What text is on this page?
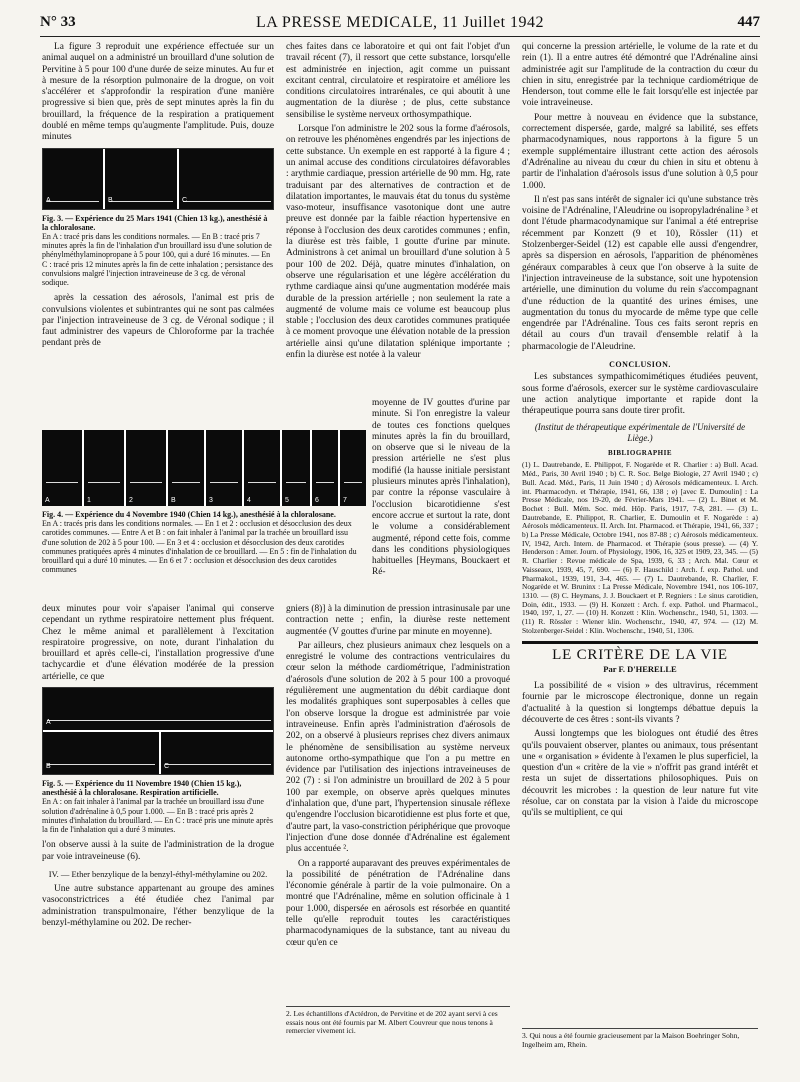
N° 33	LA PRESSE MEDICALE, 11 Juillet 1942	447

La figure 3 reproduit une expérience effectuée sur un animal auquel on a administré un brouillard d'une solution de Pervitine à 5 pour 100 d'une durée de seize minutes. Au fur et à mesure de la résorption pulmonaire de la drogue, on voit s'accélérer et s'approfondir la respiration d'une manière progressive si bien que, près de sept minutes après la fin du brouillard, la fréquence de la respiration a pratiquement doublé en même temps qu'augmente l'amplitude. Puis, douze minutes

A	B	C
Fig. 3. — Expérience du 25 Mars 1941 (Chien 13 kg.), anesthésié à la chloralosane.
En A : tracé pris dans les conditions normales. — En B : tracé pris 7 minutes après la fin de l'inhalation d'un brouillard issu d'une solution de phénylméthylaminopropane à 5 pour 100, qui a duré 16 minutes. — En C : tracé pris 12 minutes après la fin de cette inhalation ; persistance des convulsions malgré l'injection intraveineuse de 3 cg. de véronal sodique.

après la cessation des aérosols, l'animal est pris de convulsions violentes et subintrantes qui ne sont pas calmées par l'injection intraveineuse de 3 cg. de Véronal sodique ; il faut administrer des vapeurs de Chloroforme par la trachée pendant près de

A	1	2	B	3	4	5	6	7
Fig. 4. — Expérience du 4 Novembre 1940 (Chien 14 kg.), anesthésié à la chloralosane.
En A : tracés pris dans les conditions normales. — En 1 et 2 : occlusion et désocclusion des deux carotides communes. — Entre A et B : on fait inhaler à l'animal par la trachée un brouillard issu d'une solution de 202 à 5 pour 100. — En 3 et 4 : occlusion et désocclusion des deux carotides communes pratiquées après 4 minutes d'inhalation de ce brouillard. — En 5 : fin de l'inhalation du brouillard qui a duré 10 minutes. — En 6 et 7 : occlusion et désocclusion des deux carotides communes

deux minutes pour voir s'apaiser l'animal qui conserve cependant un rythme respiratoire nettement plus fréquent. Chez le même animal et parallèlement à l'excitation respiratoire progressive, on note, durant l'inhalation du brouillard et après celle-ci, l'installation progressive d'une tachycardie et d'une élévation modérée de la pression artérielle, ce que

A
B	C
Fig. 5. — Expérience du 11 Novembre 1940 (Chien 15 kg.), anesthésié à la chloralosane. Respiration artificielle.
En A : on fait inhaler à l'animal par la trachée un brouillard issu d'une solution d'adrénaline à 0,5 pour 1.000. — En B : tracé pris après 2 minutes d'inhalation du brouillard. — En C : tracé pris une minute après la fin de l'inhalation qui a duré 3 minutes.

l'on observe aussi à la suite de l'administration de la drogue par voie intraveineuse (6).

IV. — Ether benzylique de la benzyl-éthyl-méthylamine ou 202.

Une autre substance appartenant au groupe des amines vasoconstrictrices a été étudiée chez l'animal par administration transpulmonaire, l'éther benzylique de la benzyl-méthylamine ou 202. De recher-

ches faites dans ce laboratoire et qui ont fait l'objet d'un travail récent (7), il ressort que cette substance, lorsqu'elle est administrée en injection, agit comme un puissant excitant central, circulatoire et respiratoire et améliore les conditions circulatoires intrarénales, ce qui aboutit à une augmentation de la diurèse ; de plus, cette substance sensibilise le système nerveux orthosympathique.

Lorsque l'on administre le 202 sous la forme d'aérosols, on retrouve les phénomènes engendrés par les injections de cette substance. Un exemple en est rapporté à la figure 4 ; un animal accuse des conditions circulatoires défavorables : arythmie cardiaque, pression artérielle de 90 mm. Hg, rate traduisant par des alternatives de contraction et de dilatation importantes, le mauvais état du tonus du système vaso-moteur, insuffisance vasotonique dont une autre preuve est donnée par la faible réaction hypertensive en réponse à l'occlusion des deux carotides communes ; enfin, la diurèse est très faible, 1 goutte d'urine par minute. Administrons à cet animal un brouillard d'une solution à 5 pour 100 de 202. Déjà, quatre minutes d'inhalation, on observe une régularisation et une légère accélération du rythme cardiaque ainsi qu'une augmentation modérée mais durable de la pression artérielle ; non seulement la rate a augmenté de volume mais ce volume est beaucoup plus stable ; l'occlusion des deux carotides communes pratiquée à ce moment provoque une élévation notable de la pression artérielle ainsi qu'une dilatation splénique importante ; enfin la diurèse est notée à la valeur

moyenne de IV gouttes d'urine par minute. Si l'on enregistre la valeur de toutes ces fonctions quelques minutes après la fin du brouillard, on observe que si le niveau de la pression artérielle ne s'est plus modifié (la hausse initiale persistant plusieurs minutes après l'inhalation), par contre la réponse vasculaire à l'occlusion bicarotidienne s'est encore accrue et surtout la rate, dont le volume a considérablement augmenté, répond cette fois, comme dans les conditions physiologiques habituelles [Heymans, Bouckaert et Ré-

gniers (8)] à la diminution de pression intrasinusale par une contraction nette ; enfin, la diurèse reste nettement augmentée (V gouttes d'urine par minute en moyenne).

Par ailleurs, chez plusieurs animaux chez lesquels on a enregistré le volume des contractions ventriculaires du cœur selon la méthode cardiométrique, l'administration d'aérosols d'une solution de 202 à 5 pour 100 a provoqué régulièrement une augmentation du débit cardiaque dont les modalités graphiques sont superposables à celles que l'on observe lorsque la drogue est administrée par voie intraveineuse. Enfin après l'administration d'aérosols de 202, on a observé à plusieurs reprises chez divers animaux le phénomène de sensibilisation au système nerveux autonome ortho-sympathique que l'on a pu mettre en évidence par l'utilisation des injections intraveineuses de 202 (7) : si l'on administre un brouillard de 202 à 5 pour 100 par exemple, on observe après quelques minutes d'inhalation que, d'une part, l'hypertension sinusale réflexe qu'engendre l'occlusion bicarotidienne est plus forte et que, d'autre part, la vaso-constriction périphérique que provoque l'injection d'une dose donnée d'Adrénaline est également plus accentuée ².

On a rapporté auparavant des preuves expérimentales de la possibilité de pénétration de l'Adrénaline dans l'économie générale à partir de la voie pulmonaire. On a montré que l'Adrénaline, même en solution officinale à 1 pour 1.000, dispersée en aérosols est résorbée en quantité telle qu'elle reproduit toutes les caractéristiques pharmacodynamiques de la substance, tant au niveau du cœur qu'en ce

2. Les échantillons d'Actédron, de Pervitine et de 202 ayant servi à ces essais nous ont été fournis par M. Albert Couvreur que nous tenons à remercier vivement ici.

qui concerne la pression artérielle, le volume de la rate et du rein (1). Il a entre autres été démontré que l'Adrénaline ainsi administrée agit sur l'amplitude de la contraction du cœur du chien in situ, enregistrée par la technique cardiométrique de Henderson, tout comme elle le fait lorsqu'elle est injectée par voie intraveineuse.

Pour mettre à nouveau en évidence que la substance, correctement dispersée, garde, malgré sa labilité, ses effets pharmacodynamiques, nous rapportons à la figure 5 un exemple supplémentaire illustrant cette action des aérosols d'Adrénaline au niveau du cœur du chien in situ et obtenu à partir de l'inhalation d'aérosols issus d'une solution à 0,5 pour 1.000.

Il n'est pas sans intérêt de signaler ici qu'une substance très voisine de l'Adrénaline, l'Aleudrine ou isopropyladrénaline ³ et dont l'étude pharmacodynamique sur l'animal a été entreprise récemment par Konzett (9 et 10), Rössler (11) et Stolzenberger-Seidel (12) est capable elle aussi d'engendrer, après sa dispersion en aérosols, l'apparition de phénomènes généraux comparables à ceux que l'on observe à la suite de l'injection intraveineuse de la substance, soit une hypotension artérielle, une diminution du volume du rein s'accompagnant d'une réduction de la quantité des urines émises, une augmentation du tonus du myocarde de même type que celle engendrée par l'Adrénaline. Tous ces faits seront repris en détail au cours d'un travail d'ensemble relatif à la pharmacologie de l'Aleudrine.

CONCLUSION.

Les substances sympathicomimétiques étudiées peuvent, sous forme d'aérosols, exercer sur le système cardiovasculaire une action analytique importante et rapide dont la thérapeutique pourra sans doute tirer profit.

(Institut de thérapeutique expérimentale de l'Université de Liège.)
BIBLIOGRAPHIE
(1) L. Dautrebande, E. Philippot, F. Nogarède et R. Charlier : a) Bull. Acad. Méd., Paris, 30 Avril 1940 ; b) C. R. Soc. Belge Biologie, 27 Avril 1940 ; c) Bull. Acad. Méd., Paris, 11 Juin 1940 ; d) Aérosols médicamenteux. I. Arch. int. Pharmacodyn. et Thérapie, 1941, 66, 138 ; e) [avec E. Dumoulin] : La Presse Médicale, nos 19-20, de Février-Mars 1941. — (2) L. Binet et M. Bochet : Bull. Mém. Soc. méd. Hôp. Paris, 1917, 7-8, 281. — (3) L. Dautrebande, E. Philippot, R. Charlier, E. Dumoulin et F. Nogarède : a) Aérosols médicamenteux. II. Arch. Int. Pharmacod. et Thérapie, 1941, 66, 337 ; b) La Presse Médicale, Octobre 1941, nos 87-88 ; c) Aérosols médicamenteux. IV, 1942, Arch. Intern. de Pharmacod. et Thérapie (sous presse). — (4) Y. Henderson : Amer. Journ. of Physiology, 1906, 16, 325 et 1909, 23, 345. — (5) R. Charlier : Revue médicale de Spa, 1939, 6, 33 ; Arch. Mal. Cœur et Vaisseaux, 1939, 45, 7, 690. — (6) F. Hauschild : Arch. f. exp. Pathol. und Pharmakol., 1939, 191, 3-4, 465. — (7) L. Dautrebande, R. Charlier, F. Nogarède et W. Bruninx : La Presse Médicale, Novembre 1941, nos 106-107, 1310. — (8) C. Heymans, J. J. Bouckaert et P. Regniers : Le sinus carotidien, Doin, édit., 1933. — (9) H. Konzett : Arch. f. exp. Pathol. und Pharmacol., 1940, 197, 1, 27. — (10) H. Konzett : Klin. Wochenschr., 1940, 51, 1303. — (11) R. Rössler : Wiener klin. Wochenschr., 1940, 47, 974. — (12) M. Stolzenberger-Seidel : Klin. Wochenschr., 1940, 51, 1306.
LE CRITÈRE DE LA VIE
Par F. D'HERELLE

La possibilité de « vision » des ultravirus, récemment fournie par le microscope électronique, donne un regain d'actualité à la question si longtemps débattue depuis la découverte de ces êtres : sont-ils vivants ?

Aussi longtemps que les biologues ont étudié des êtres qu'ils pouvaient observer, plantes ou animaux, tous présentant une « organisation » évidente à l'examen le plus superficiel, la question d'un « critère de la vie » n'offrit pas grand intérêt et resta un sujet de dissertations philosophiques. Puis on découvrit les microbes : la question de leur nature fut vite résolue, car on constata par la vision à l'aide du microscope qu'ils se multiplient, ce qui

3. Qui nous a été fournie gracieusement par la Maison Boehringer Sohn, Ingelheim am, Rhein.
